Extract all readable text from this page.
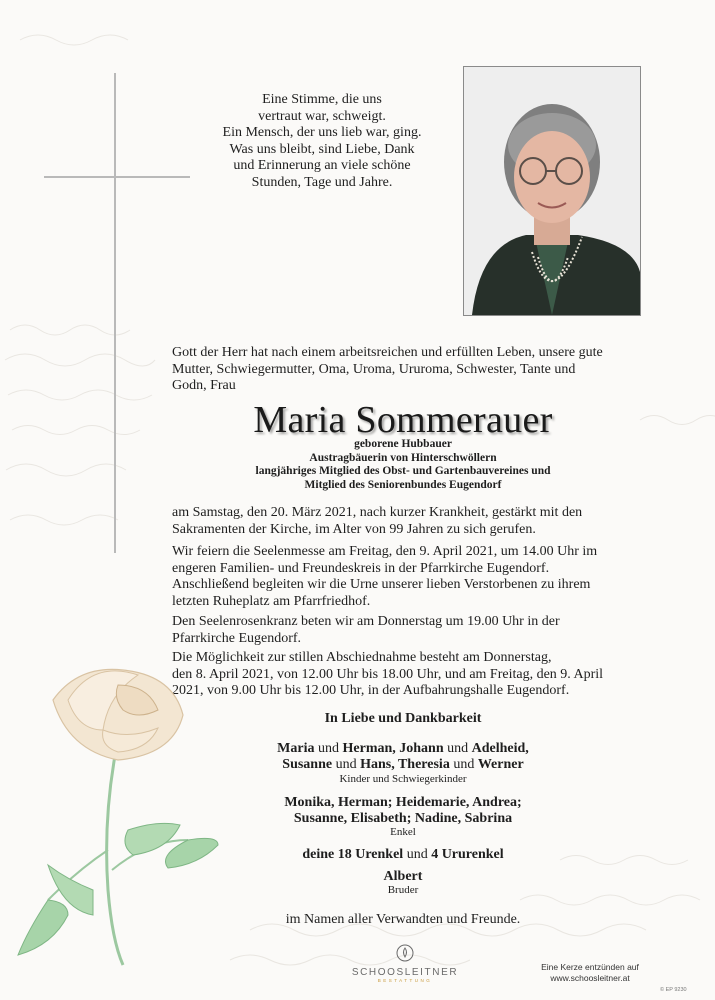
Eine Stimme, die uns
vertraut war, schweigt.
Ein Mensch, der uns lieb war, ging.
Was uns bleibt, sind Liebe, Dank
und Erinnerung an viele schöne
Stunden, Tage und Jahre.
Gott der Herr hat nach einem arbeitsreichen und erfüllten Leben, unsere gute
Mutter, Schwiegermutter, Oma, Uroma, Ururoma, Schwester, Tante und
Godn, Frau
Maria Sommerauer
geborene Hubbauer
Austragbäuerin von Hinterschwöllern
langjähriges Mitglied des Obst- und Gartenbauvereines und
Mitglied des Seniorenbundes Eugendorf
am Samstag, den 20. März 2021, nach kurzer Krankheit, gestärkt mit den
Sakramenten der Kirche, im Alter von 99 Jahren zu sich gerufen.
Wir feiern die Seelenmesse am Freitag, den 9. April 2021, um 14.00 Uhr im
engeren Familien- und Freundeskreis in der Pfarrkirche Eugendorf.
Anschließend begleiten wir die Urne unserer lieben Verstorbenen zu ihrem
letzten Ruheplatz am Pfarrfriedhof.
Den Seelenrosenkranz beten wir am Donnerstag um 19.00 Uhr in der
Pfarrkirche Eugendorf.
Die Möglichkeit zur stillen Abschiednahme besteht am Donnerstag,
den 8. April 2021, von 12.00 Uhr bis 18.00 Uhr, und am Freitag, den 9. April
2021, von 9.00 Uhr bis 12.00 Uhr, in der Aufbahrungshalle Eugendorf.
In Liebe und Dankbarkeit
Maria und Herman, Johann und Adelheid,
Susanne und Hans, Theresia und Werner
Kinder und Schwiegerkinder
Monika, Herman; Heidemarie, Andrea;
Susanne, Elisabeth; Nadine, Sabrina
Enkel
deine 18 Urenkel und 4 Ururenkel
Albert
Bruder
im Namen aller Verwandten und Freunde.
SCHOOSLEITNER
BESTATTUNG
Eine Kerze entzünden auf
www.schoosleitner.at
© EP 9230
